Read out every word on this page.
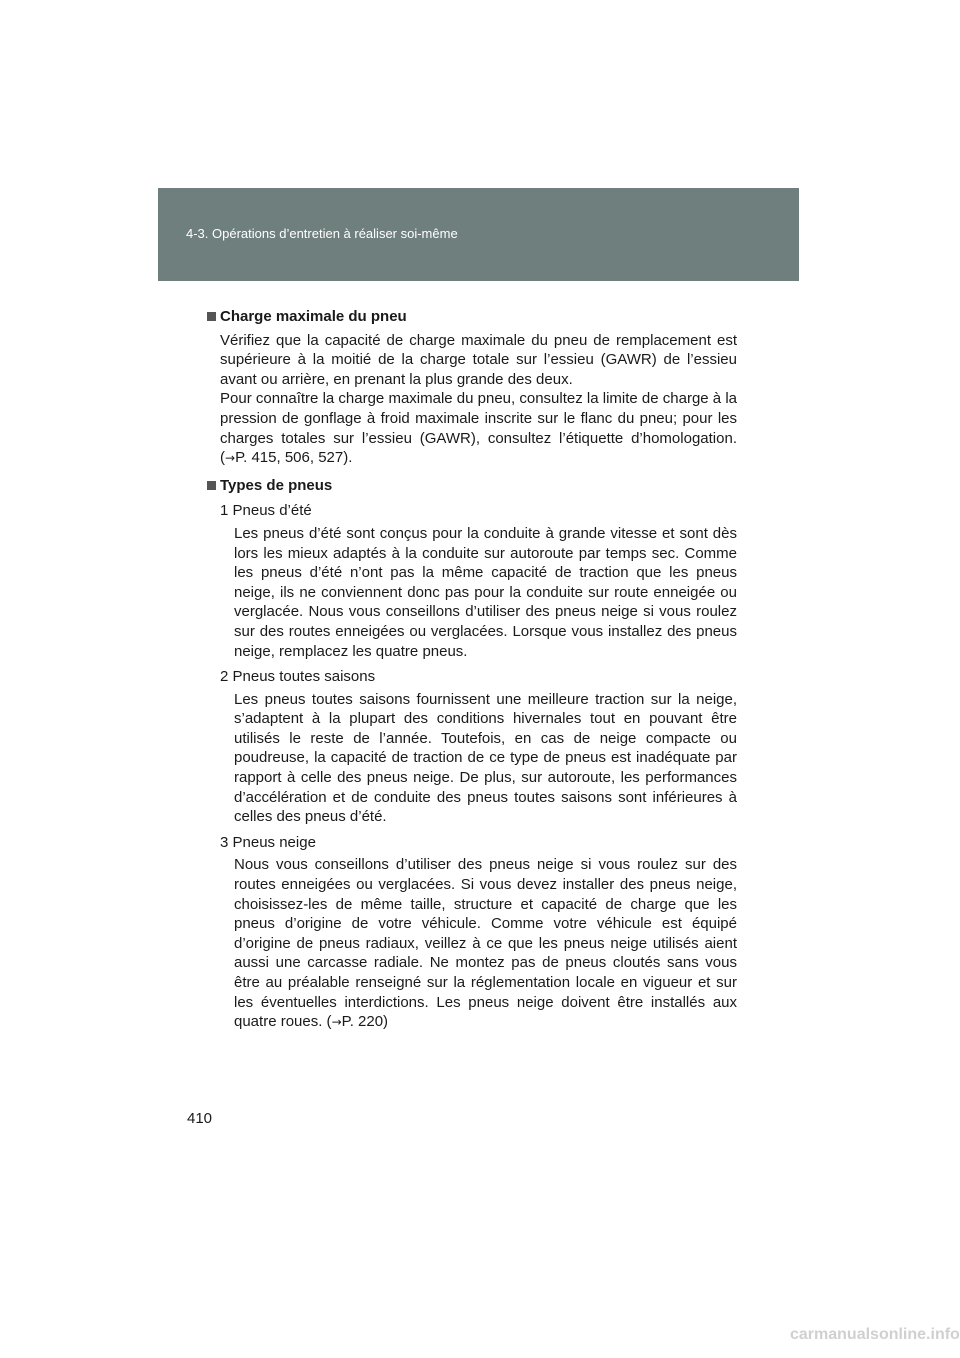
4-3. Opérations d’entretien à réaliser soi-même
Charge maximale du pneu

Vérifiez que la capacité de charge maximale du pneu de remplacement est supérieure à la moitié de la charge totale sur l’essieu (GAWR) de l’essieu avant ou arrière, en prenant la plus grande des deux.

Pour connaître la charge maximale du pneu, consultez la limite de charge à la pression de gonflage à froid maximale inscrite sur le flanc du pneu; pour les charges totales sur l’essieu (GAWR), consultez l’étiquette d’homologation. (→P. 415, 506, 527).

Types de pneus
1 Pneus d’été

Les pneus d’été sont conçus pour la conduite à grande vitesse et sont dès lors les mieux adaptés à la conduite sur autoroute par temps sec. Comme les pneus d’été n’ont pas la même capacité de traction que les pneus neige, ils ne conviennent donc pas pour la conduite sur route enneigée ou verglacée. Nous vous conseillons d’utiliser des pneus neige si vous roulez sur des routes enneigées ou verglacées. Lorsque vous installez des pneus neige, remplacez les quatre pneus.

2 Pneus toutes saisons

Les pneus toutes saisons fournissent une meilleure traction sur la neige, s’adaptent à la plupart des conditions hivernales tout en pouvant être utilisés le reste de l’année. Toutefois, en cas de neige compacte ou poudreuse, la capacité de traction de ce type de pneus est inadéquate par rapport à celle des pneus neige. De plus, sur autoroute, les performances d’accélération et de conduite des pneus toutes saisons sont inférieures à celles des pneus d’été.

3 Pneus neige

Nous vous conseillons d’utiliser des pneus neige si vous roulez sur des routes enneigées ou verglacées. Si vous devez installer des pneus neige, choisissez-les de même taille, structure et capacité de charge que les pneus d’origine de votre véhicule. Comme votre véhicule est équipé d’origine de pneus radiaux, veillez à ce que les pneus neige utilisés aient aussi une carcasse radiale. Ne montez pas de pneus cloutés sans vous être au préalable renseigné sur la réglementation locale en vigueur et sur les éventuelles interdictions. Les pneus neige doivent être installés aux quatre roues. (→P. 220)

410
carmanualsonline.info
